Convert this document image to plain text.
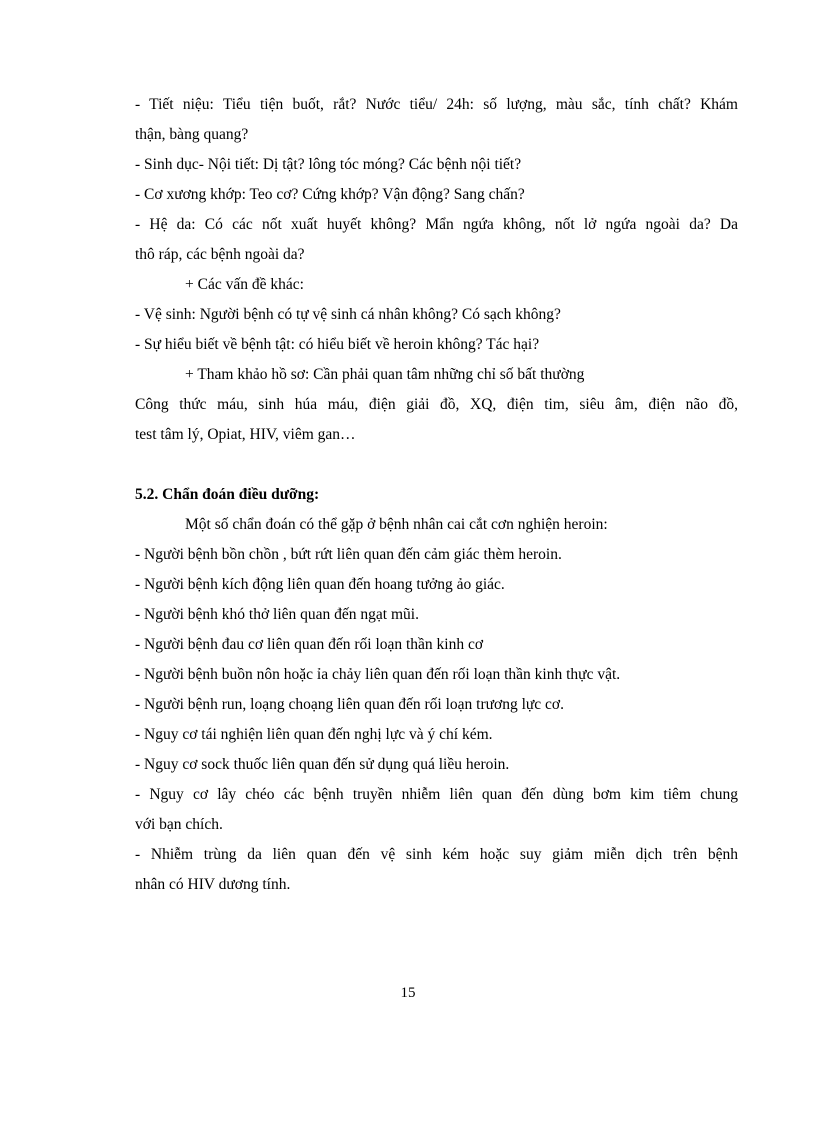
- Tiết niệu: Tiểu tiện buốt, rắt? Nước tiểu/ 24h: số lượng, màu sắc, tính chất? Khám
thận, bàng quang?
- Sinh dục- Nội tiết: Dị tật? lông tóc móng? Các bệnh nội tiết?
- Cơ xương khớp: Teo cơ? Cứng khớp? Vận động? Sang chấn?
- Hệ da: Có các nốt xuất huyết không? Mẩn ngứa không, nốt lở ngứa ngoài da? Da
thô ráp, các bệnh ngoài da?
+ Các vấn đề khác:
- Vệ sinh: Người bệnh có tự vệ sinh cá nhân không? Có sạch không?
- Sự hiểu biết về bệnh tật: có hiểu biết về heroin không? Tác hại?
+ Tham khảo hồ sơ: Cần phải quan tâm những chỉ số bất thường
Công thức máu, sinh húa máu, điện giải đồ, XQ, điện tim, siêu âm, điện não đồ,
test tâm lý, Opiat, HIV, viêm gan…
5.2. Chẩn đoán điều dưỡng:
Một số chẩn đoán có thể gặp ở bệnh nhân cai cắt cơn nghiện heroin:
- Người bệnh bồn chồn , bứt rứt liên quan đến cảm giác thèm heroin.
- Người bệnh kích động liên quan đến hoang tưởng ảo giác.
- Người bệnh khó thở liên quan đến ngạt mũi.
- Người bệnh đau cơ liên quan đến rối loạn thần kinh cơ
- Người bệnh buồn nôn hoặc ỉa chảy liên quan đến rối loạn thần kinh thực vật.
- Người bệnh run, loạng choạng liên quan đến rối loạn trương lực cơ.
- Nguy cơ tái nghiện liên quan đến nghị lực và ý chí kém.
- Nguy cơ sock thuốc liên quan đến sử dụng quá liều heroin.
- Nguy cơ lây chéo các bệnh truyền nhiễm liên quan đến dùng bơm kim tiêm chung
với bạn chích.
- Nhiễm trùng da liên quan đến vệ sinh kém hoặc suy giảm miễn dịch trên bệnh
nhân có HIV dương tính.
15
